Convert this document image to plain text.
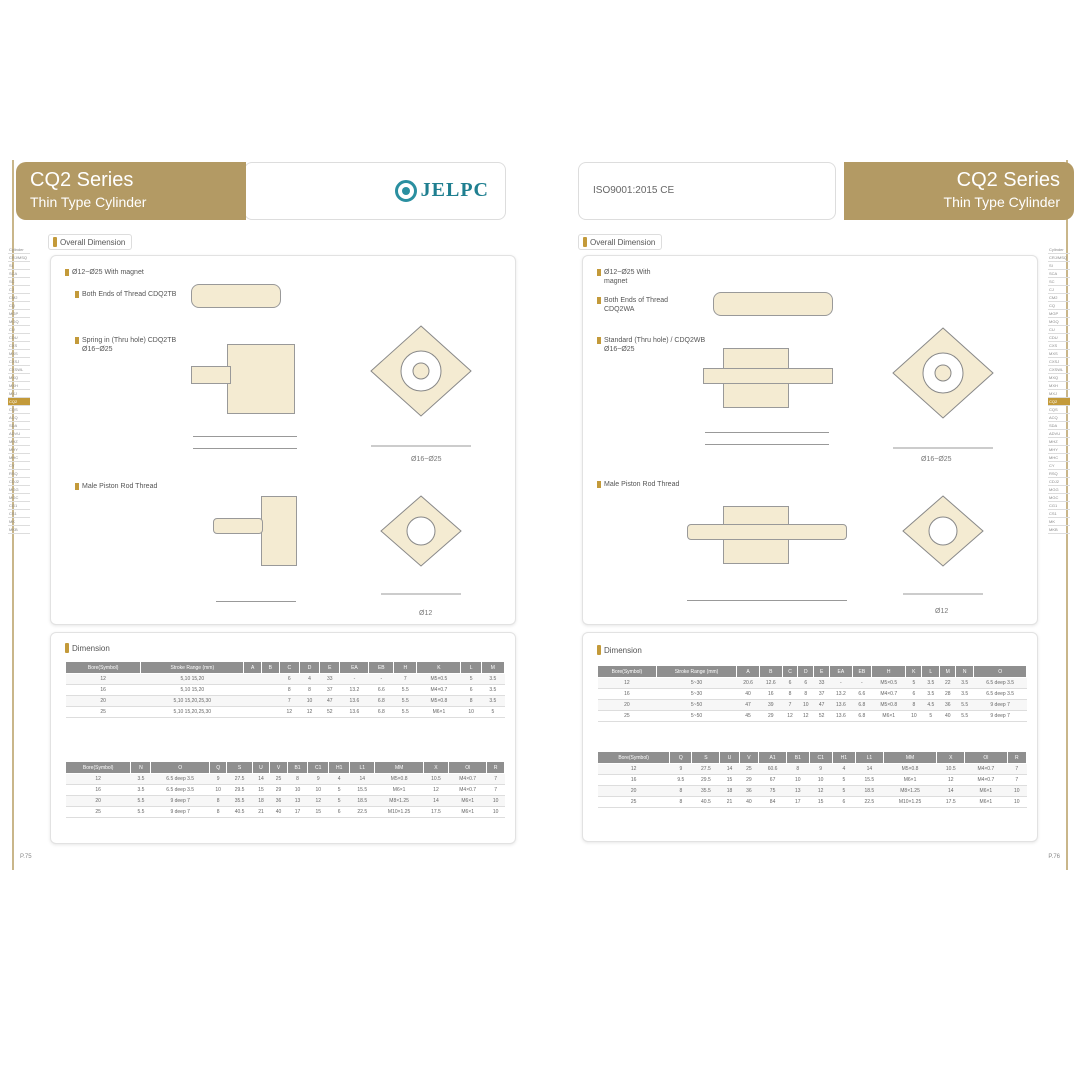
JELPC
CQ2 Series
Thin Type Cylinder
Overall Dimension
Ø12~Ø25 With magnet
Both Ends of Thread CDQ2TB
Spring in (Thru hole) CDQ2TB Ø16~Ø25
Male Piston Rod Thread
Ø16~Ø25
Ø12
Dimension
Bore(Symbol)	Stroke Range (mm)	A	B	C	D	E	EA	EB	H	K	L	M
12	5,10 15,20			6	4	33	-	-	7	M5×0.5	5	3.5
16	5,10 15,20			8	8	37	13.2	6.6	5.5	M4×0.7	6	3.5
20	5,10 15,20,25,30			7	10	47	13.6	6.8	5.5	M5×0.8	8	3.5
25	5,10 15,20,25,30			12	12	52	13.6	6.8	5.5	M6×1	10	5
Bore(Symbol)	N	O	Q	S	U	V	B1	C1	H1	L1	MM	X	Ol	R
12	3.5	6.5 deep 3.5	9	27.5	14	25	8	9	4	14	M5×0.8	10.5	M4×0.7	7
16	3.5	6.5 deep 3.5	10	29.5	15	29	10	10	5	15.5	M6×1	12	M4×0.7	7
20	5.5	9 deep 7	8	35.5	18	36	13	12	5	18.5	M8×1.25	14	M6×1	10
25	5.5	9 deep 7	8	40.5	21	40	17	15	6	22.5	M10×1.25	17.5	M6×1	10
P.75
ISO9001:2015 CE	CQ2 Series
Thin Type Cylinder
Overall Dimension
Ø12~Ø25 With magnet
Both Ends of Thread CDQ2WA
Standard (Thru hole) / CDQ2WB Ø16~Ø25
Male Piston Rod Thread
Ø16~Ø25
Ø12
Dimension
Bore(Symbol)	Stroke Range (mm)	A	B	C	D	E	EA	EB	H	K	L	M	N	O
12	5~30	20.6	12.6	6	6	33	-	-	M5×0.5	5	3.5	22	3.5	6.5 deep 3.5
16	5~30	40	16	8	8	37	13.2	6.6	M4×0.7	6	3.5	28	3.5	6.5 deep 3.5
20	5~50	47	39	7	10	47	13.6	6.8	M5×0.8	8	4.5	36	5.5	9 deep 7
25	5~50	45	29	12	12	52	13.6	6.8	M6×1	10	5	40	5.5	9 deep 7
Bore(Symbol)	Q	S	U	V	A1	B1	C1	H1	L1	MM	X	Ol	R
12	9	27.5	14	25	60.6	8	9	4	14	M5×0.8	10.5	M4×0.7	7
16	9.5	29.5	15	29	67	10	10	5	15.5	M6×1	12	M4×0.7	7
20	8	35.5	18	36	75	13	12	5	18.5	M8×1.25	14	M6×1	10
25	8	40.5	21	40	84	17	15	6	22.5	M10×1.25	17.5	M6×1	10
P.76
Cylinder
CRJ/MSQ
SI
SCA
SC
CJ
CM2
CQ
MGP
MGQ
CU
CDU
CXS
MXS
CXSJ
CXSWL
MXQ
MXH
MXJ
CQ2
CQS
ACQ
SDA
ADVU
MHZ
MHY
MHC
CY
RSQ
CDJ2
MGG
MGC
CG1
CS1
MK
MKB
Cylinder
CRJ/MSQ
SI
SCA
SC
CJ
CM2
CQ
MGP
MGQ
CU
CDU
CXS
MXS
CXSJ
CXSWL
MXQ
MXH
MXJ
CQ2
CQS
ACQ
SDA
ADVU
MHZ
MHY
MHC
CY
RSQ
CDJ2
MGG
MGC
CG1
CS1
MK
MKB
